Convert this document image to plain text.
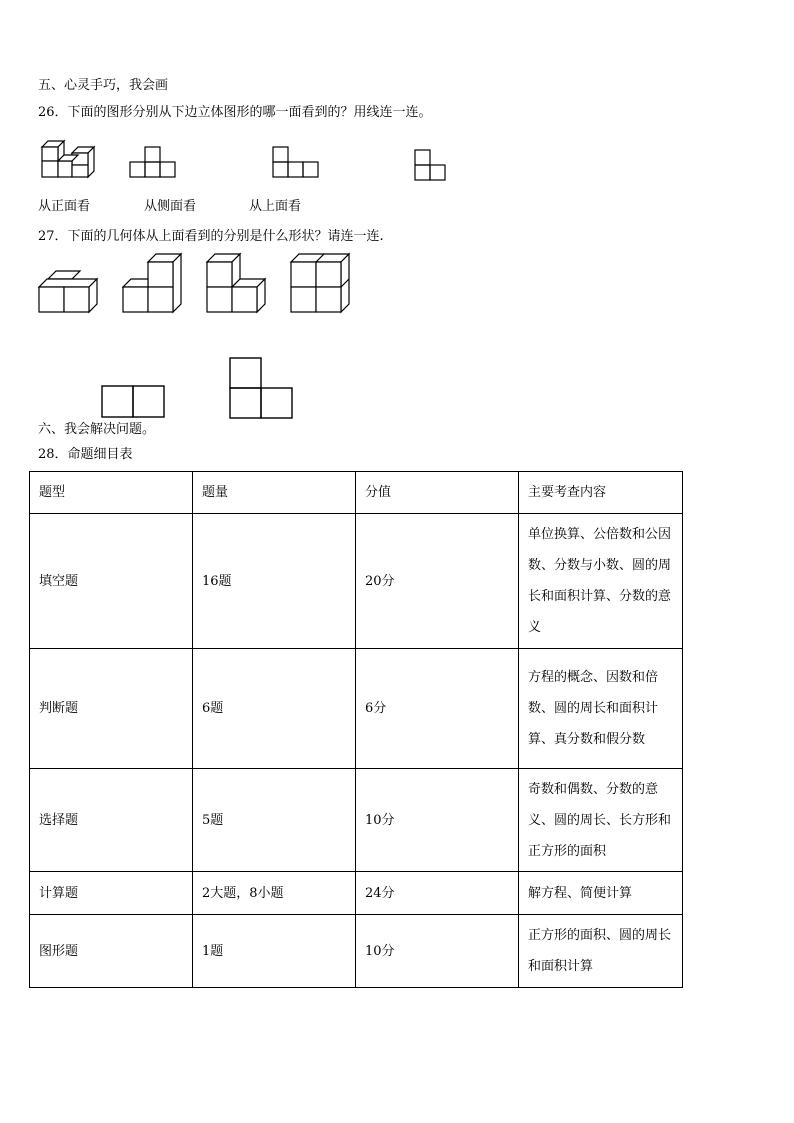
五、心灵手巧，我会画
26．下面的图形分别从下边立体图形的哪一面看到的？用线连一连。
从正面看	从侧面看	从上面看
27．下面的几何体从上面看到的分别是什么形状？请连一连.
六、我会解决问题。
28．命题细目表
题型	题量	分值	主要考查内容
填空题	16题	20分	单位换算、公倍数和公因数、分数与小数、圆的周长和面积计算、分数的意义
判断题	6题	6分	方程的概念、因数和倍数、圆的周长和面积计算、真分数和假分数
选择题	5题	10分	奇数和偶数、分数的意义、圆的周长、长方形和正方形的面积
计算题	2大题，8小题	24分	解方程、简便计算
图形题	1题	10分	正方形的面积、圆的周长和面积计算
